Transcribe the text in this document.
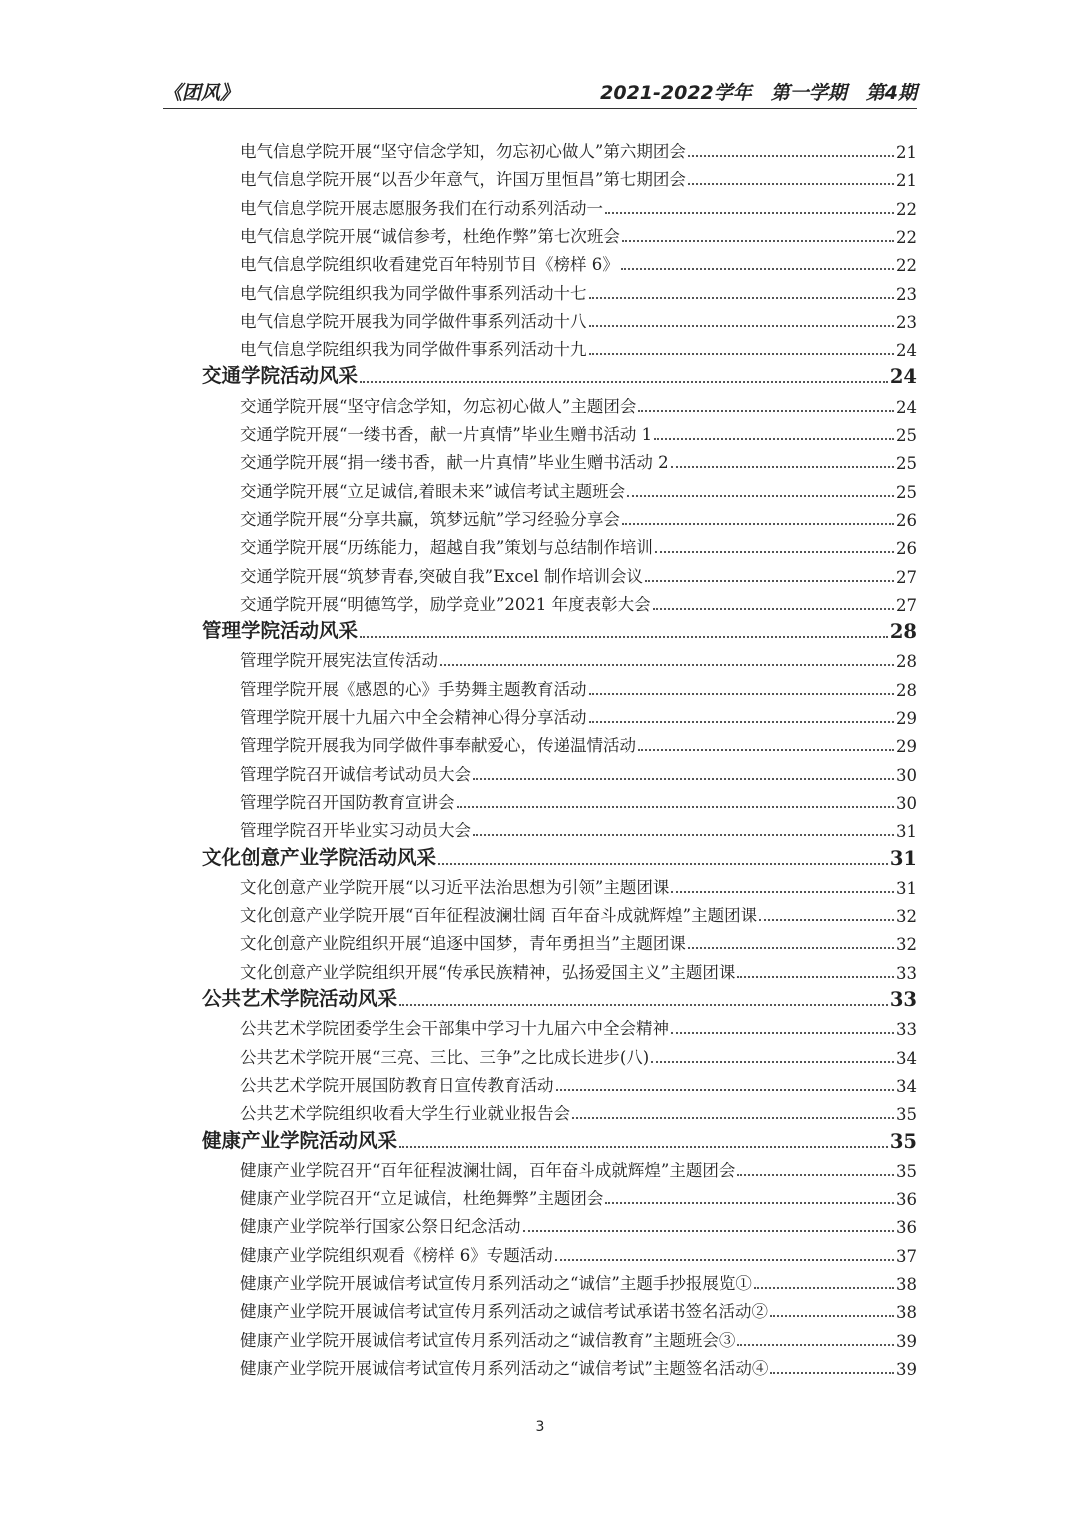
《团风》	2021-2022学年　第一学期　第4期
电气信息学院开展“坚守信念学知，勿忘初心做人”第六期团会	21
电气信息学院开展“以吾少年意气，许国万里恒昌”第七期团会	21
电气信息学院开展志愿服务我们在行动系列活动一	22
电气信息学院开展“诚信参考，杜绝作弊”第七次班会	22
电气信息学院组织收看建党百年特别节目《榜样 6》	22
电气信息学院组织我为同学做件事系列活动十七	23
电气信息学院开展我为同学做件事系列活动十八	23
电气信息学院组织我为同学做件事系列活动十九	24
交通学院活动风采	24
交通学院开展“坚守信念学知，勿忘初心做人”主题团会	24
交通学院开展“一缕书香，献一片真情”毕业生赠书活动 1	25
交通学院开展“捐一缕书香，献一片真情”毕业生赠书活动 2	25
交通学院开展“立足诚信,着眼未来”诚信考试主题班会	25
交通学院开展“分享共赢，筑梦远航”学习经验分享会	26
交通学院开展“历练能力，超越自我”策划与总结制作培训	26
交通学院开展“筑梦青春,突破自我”Excel 制作培训会议	27
交通学院开展“明德笃学，励学竞业”2021 年度表彰大会	27
管理学院活动风采	28
管理学院开展宪法宣传活动	28
管理学院开展《感恩的心》手势舞主题教育活动	28
管理学院开展十九届六中全会精神心得分享活动	29
管理学院开展我为同学做件事奉献爱心，传递温情活动	29
管理学院召开诚信考试动员大会	30
管理学院召开国防教育宣讲会	30
管理学院召开毕业实习动员大会	31
文化创意产业学院活动风采	31
文化创意产业学院开展“以习近平法治思想为引领”主题团课	31
文化创意产业学院开展“百年征程波澜壮阔 百年奋斗成就辉煌”主题团课	32
文化创意产业院组织开展“追逐中国梦，青年勇担当”主题团课	32
文化创意产业学院组织开展“传承民族精神，弘扬爱国主义”主题团课	33
公共艺术学院活动风采	33
公共艺术学院团委学生会干部集中学习十九届六中全会精神	33
公共艺术学院开展“三亮、三比、三争”之比成长进步(八)	34
公共艺术学院开展国防教育日宣传教育活动	34
公共艺术学院组织收看大学生行业就业报告会	35
健康产业学院活动风采	35
健康产业学院召开“百年征程波澜壮阔，百年奋斗成就辉煌”主题团会	35
健康产业学院召开“立足诚信，杜绝舞弊”主题团会	36
健康产业学院举行国家公祭日纪念活动	36
健康产业学院组织观看《榜样 6》专题活动	37
健康产业学院开展诚信考试宣传月系列活动之“诚信”主题手抄报展览①	38
健康产业学院开展诚信考试宣传月系列活动之诚信考试承诺书签名活动②	38
健康产业学院开展诚信考试宣传月系列活动之“诚信教育”主题班会③	39
健康产业学院开展诚信考试宣传月系列活动之“诚信考试”主题签名活动④	39
3
